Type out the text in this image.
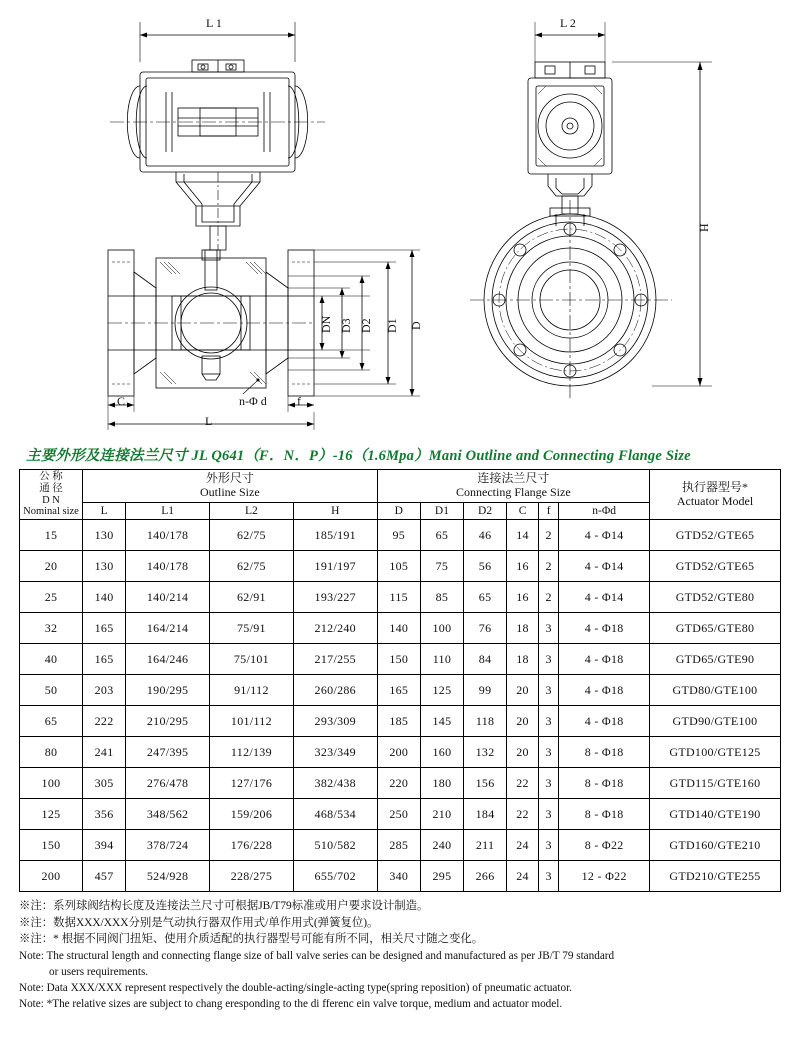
L 1	L 2
H
DN D3 D2 D1 D
C	f
n-Φ d
L
主要外形及连接法兰尺寸 JL Q641（F．N．P）-16（1.6Mpa）Mani Outline and Connecting Flange Size
公 称
通 径
D N
Nominal size

外形尺寸
Outline Size

连接法兰尺寸
Connecting Flange Size	执行器型号*
Actuator Model

	L	L1	L2	H	D	D1	D2	C	f	n-Φd	
15	130	140/178	62/75	185/191	95	65	46	14	2	4 - Φ14	GTD52/GTE65
20	130	140/178	62/75	191/197	105	75	56	16	2	4 - Φ14	GTD52/GTE65
25	140	140/214	62/91	193/227	115	85	65	16	2	4 - Φ14	GTD52/GTE80
32	165	164/214	75/91	212/240	140	100	76	18	3	4 - Φ18	GTD65/GTE80
40	165	164/246	75/101	217/255	150	110	84	18	3	4 - Φ18	GTD65/GTE90
50	203	190/295	91/112	260/286	165	125	99	20	3	4 - Φ18	GTD80/GTE100
65	222	210/295	101/112	293/309	185	145	118	20	3	4 - Φ18	GTD90/GTE100
80	241	247/395	112/139	323/349	200	160	132	20	3	8 - Φ18	GTD100/GTE125
100	305	276/478	127/176	382/438	220	180	156	22	3	8 - Φ18	GTD115/GTE160
125	356	348/562	159/206	468/534	250	210	184	22	3	8 - Φ18	GTD140/GTE190
150	394	378/724	176/228	510/582	285	240	211	24	3	8 - Φ22	GTD160/GTE210
200	457	524/928	228/275	655/702	340	295	266	24	3	12 - Φ22	GTD210/GTE255
※注：系列球阀结构长度及连接法兰尺寸可根据JB/T79标准或用户要求设计制造。
※注：数据XXX/XXX分别是气动执行器双作用式/单作用式(弹簧复位)。
※注：* 根据不同阀门扭矩、使用介质适配的执行器型号可能有所不同，相关尺寸随之变化。
Note: The structural length and connecting flange size of ball valve series can be designed and manufactured as per JB/T 79 standard
or users requirements.
Note: Data XXX/XXX represent respectively the double-acting/single-acting type(spring reposition) of pneumatic actuator.
Note: *The relative sizes are subject to chang eresponding to the di fferenc ein valve torque, medium and actuator model.
